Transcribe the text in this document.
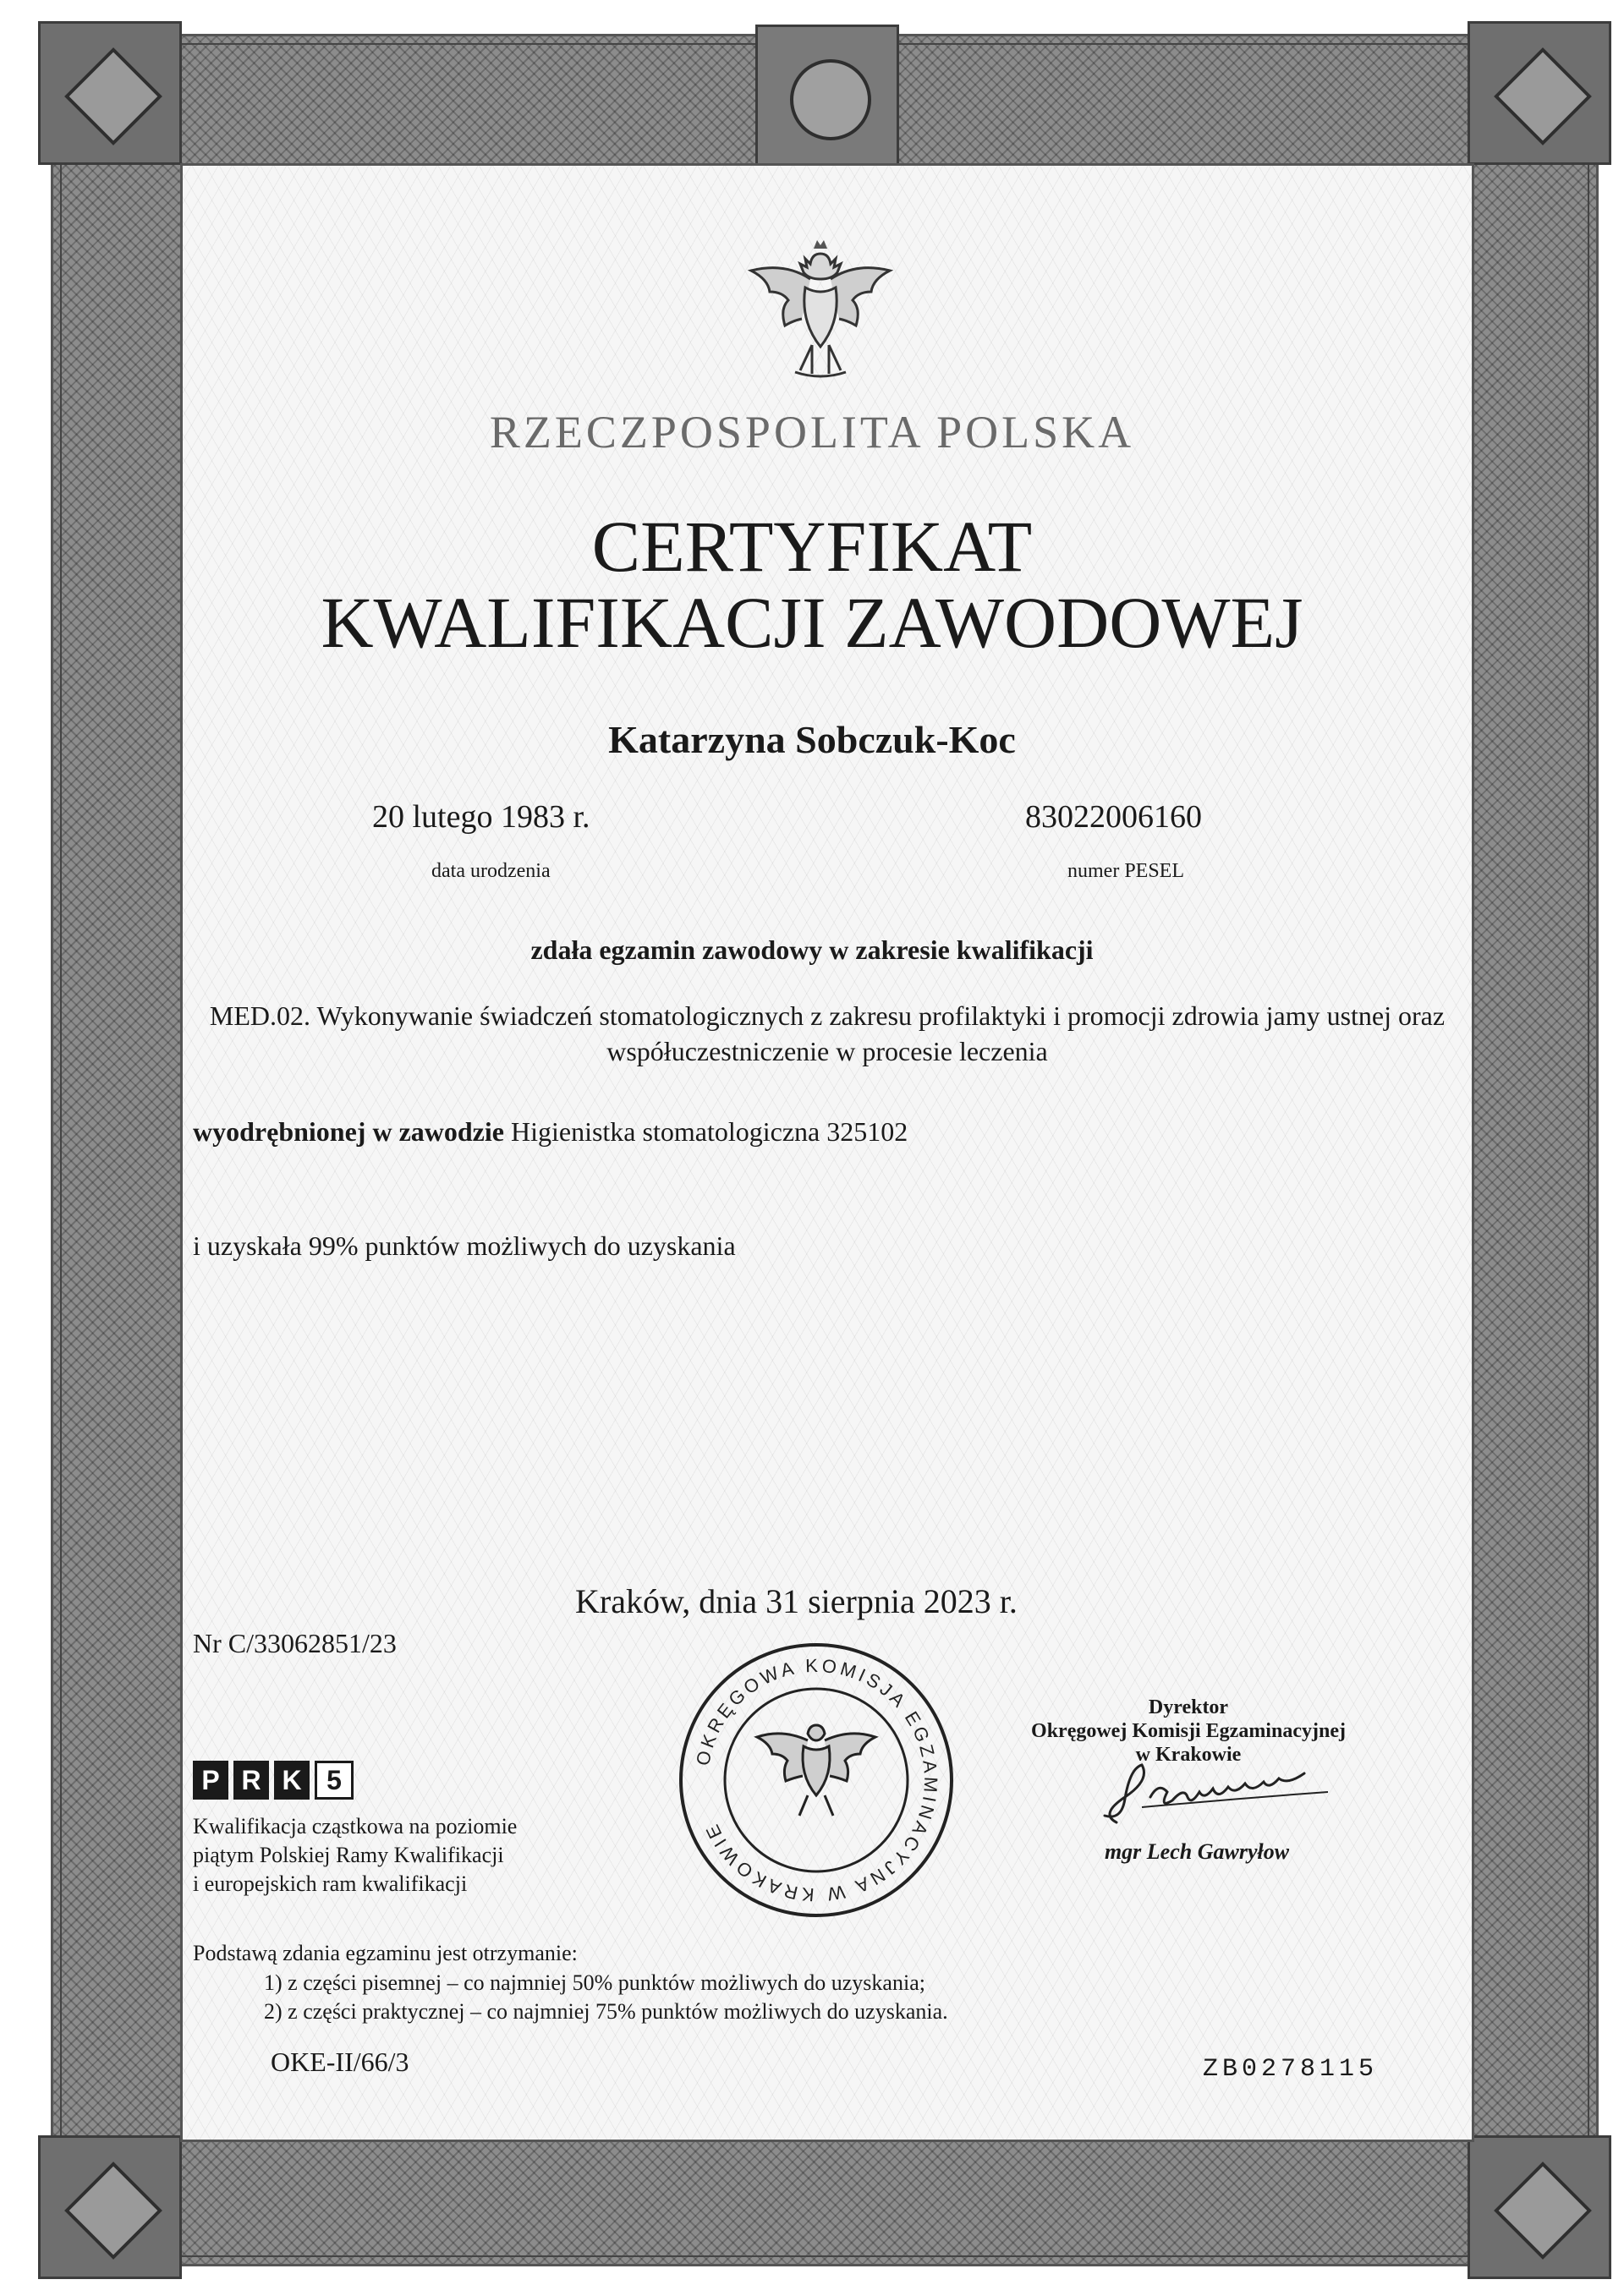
RZECZPOSPOLITA POLSKA
CERTYFIKAT
KWALIFIKACJI ZAWODOWEJ
Katarzyna Sobczuk-Koc
20 lutego 1983 r.
data urodzenia
83022006160
numer PESEL
zdała egzamin zawodowy w zakresie kwalifikacji
MED.02. Wykonywanie świadczeń stomatologicznych z zakresu profilaktyki i promocji zdrowia jamy ustnej oraz współuczestniczenie w procesie leczenia
wyodrębnionej w zawodzie Higienistka stomatologiczna 325102
i uzyskała 99% punktów możliwych do uzyskania
Kraków, dnia 31 sierpnia 2023 r.
Nr C/33062851/23
OKRĘGOWA KOMISJA EGZAMINACYJNA W KRAKOWIE
Dyrektor
Okręgowej Komisji Egzaminacyjnej
w Krakowie
mgr Lech Gawryłow
P R K 5
Kwalifikacja cząstkowa na poziomie
piątym Polskiej Ramy Kwalifikacji
i europejskich ram kwalifikacji
Podstawą zdania egzaminu jest otrzymanie:
1) z części pisemnej – co najmniej 50% punktów możliwych do uzyskania;
2) z części praktycznej – co najmniej 75% punktów możliwych do uzyskania.
OKE-II/66/3	ZB0278115
